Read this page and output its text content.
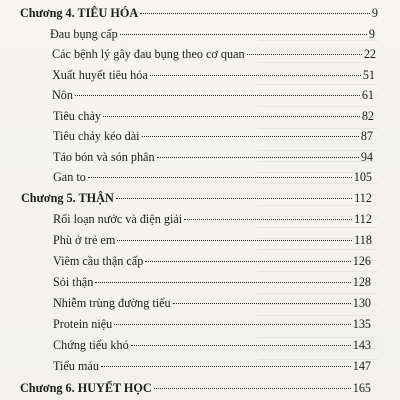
Chương 4. TIÊU HÓA	9
Đau bụng cấp	9
Các bệnh lý gây đau bụng theo cơ quan	22
Xuất huyết tiêu hóa	51
Nôn	61
Tiêu chảy	82
Tiêu chảy kéo dài	87
Táo bón và són phân	94
Gan to	105
Chương 5. THẬN	112
Rối loạn nước và điện giải	112
Phù ở trẻ em	118
Viêm cầu thận cấp	126
Sỏi thận	128
Nhiễm trùng đường tiểu	130
Protein niệu	135
Chứng tiểu khó	143
Tiểu máu	147
Chương 6. HUYẾT HỌC	165
